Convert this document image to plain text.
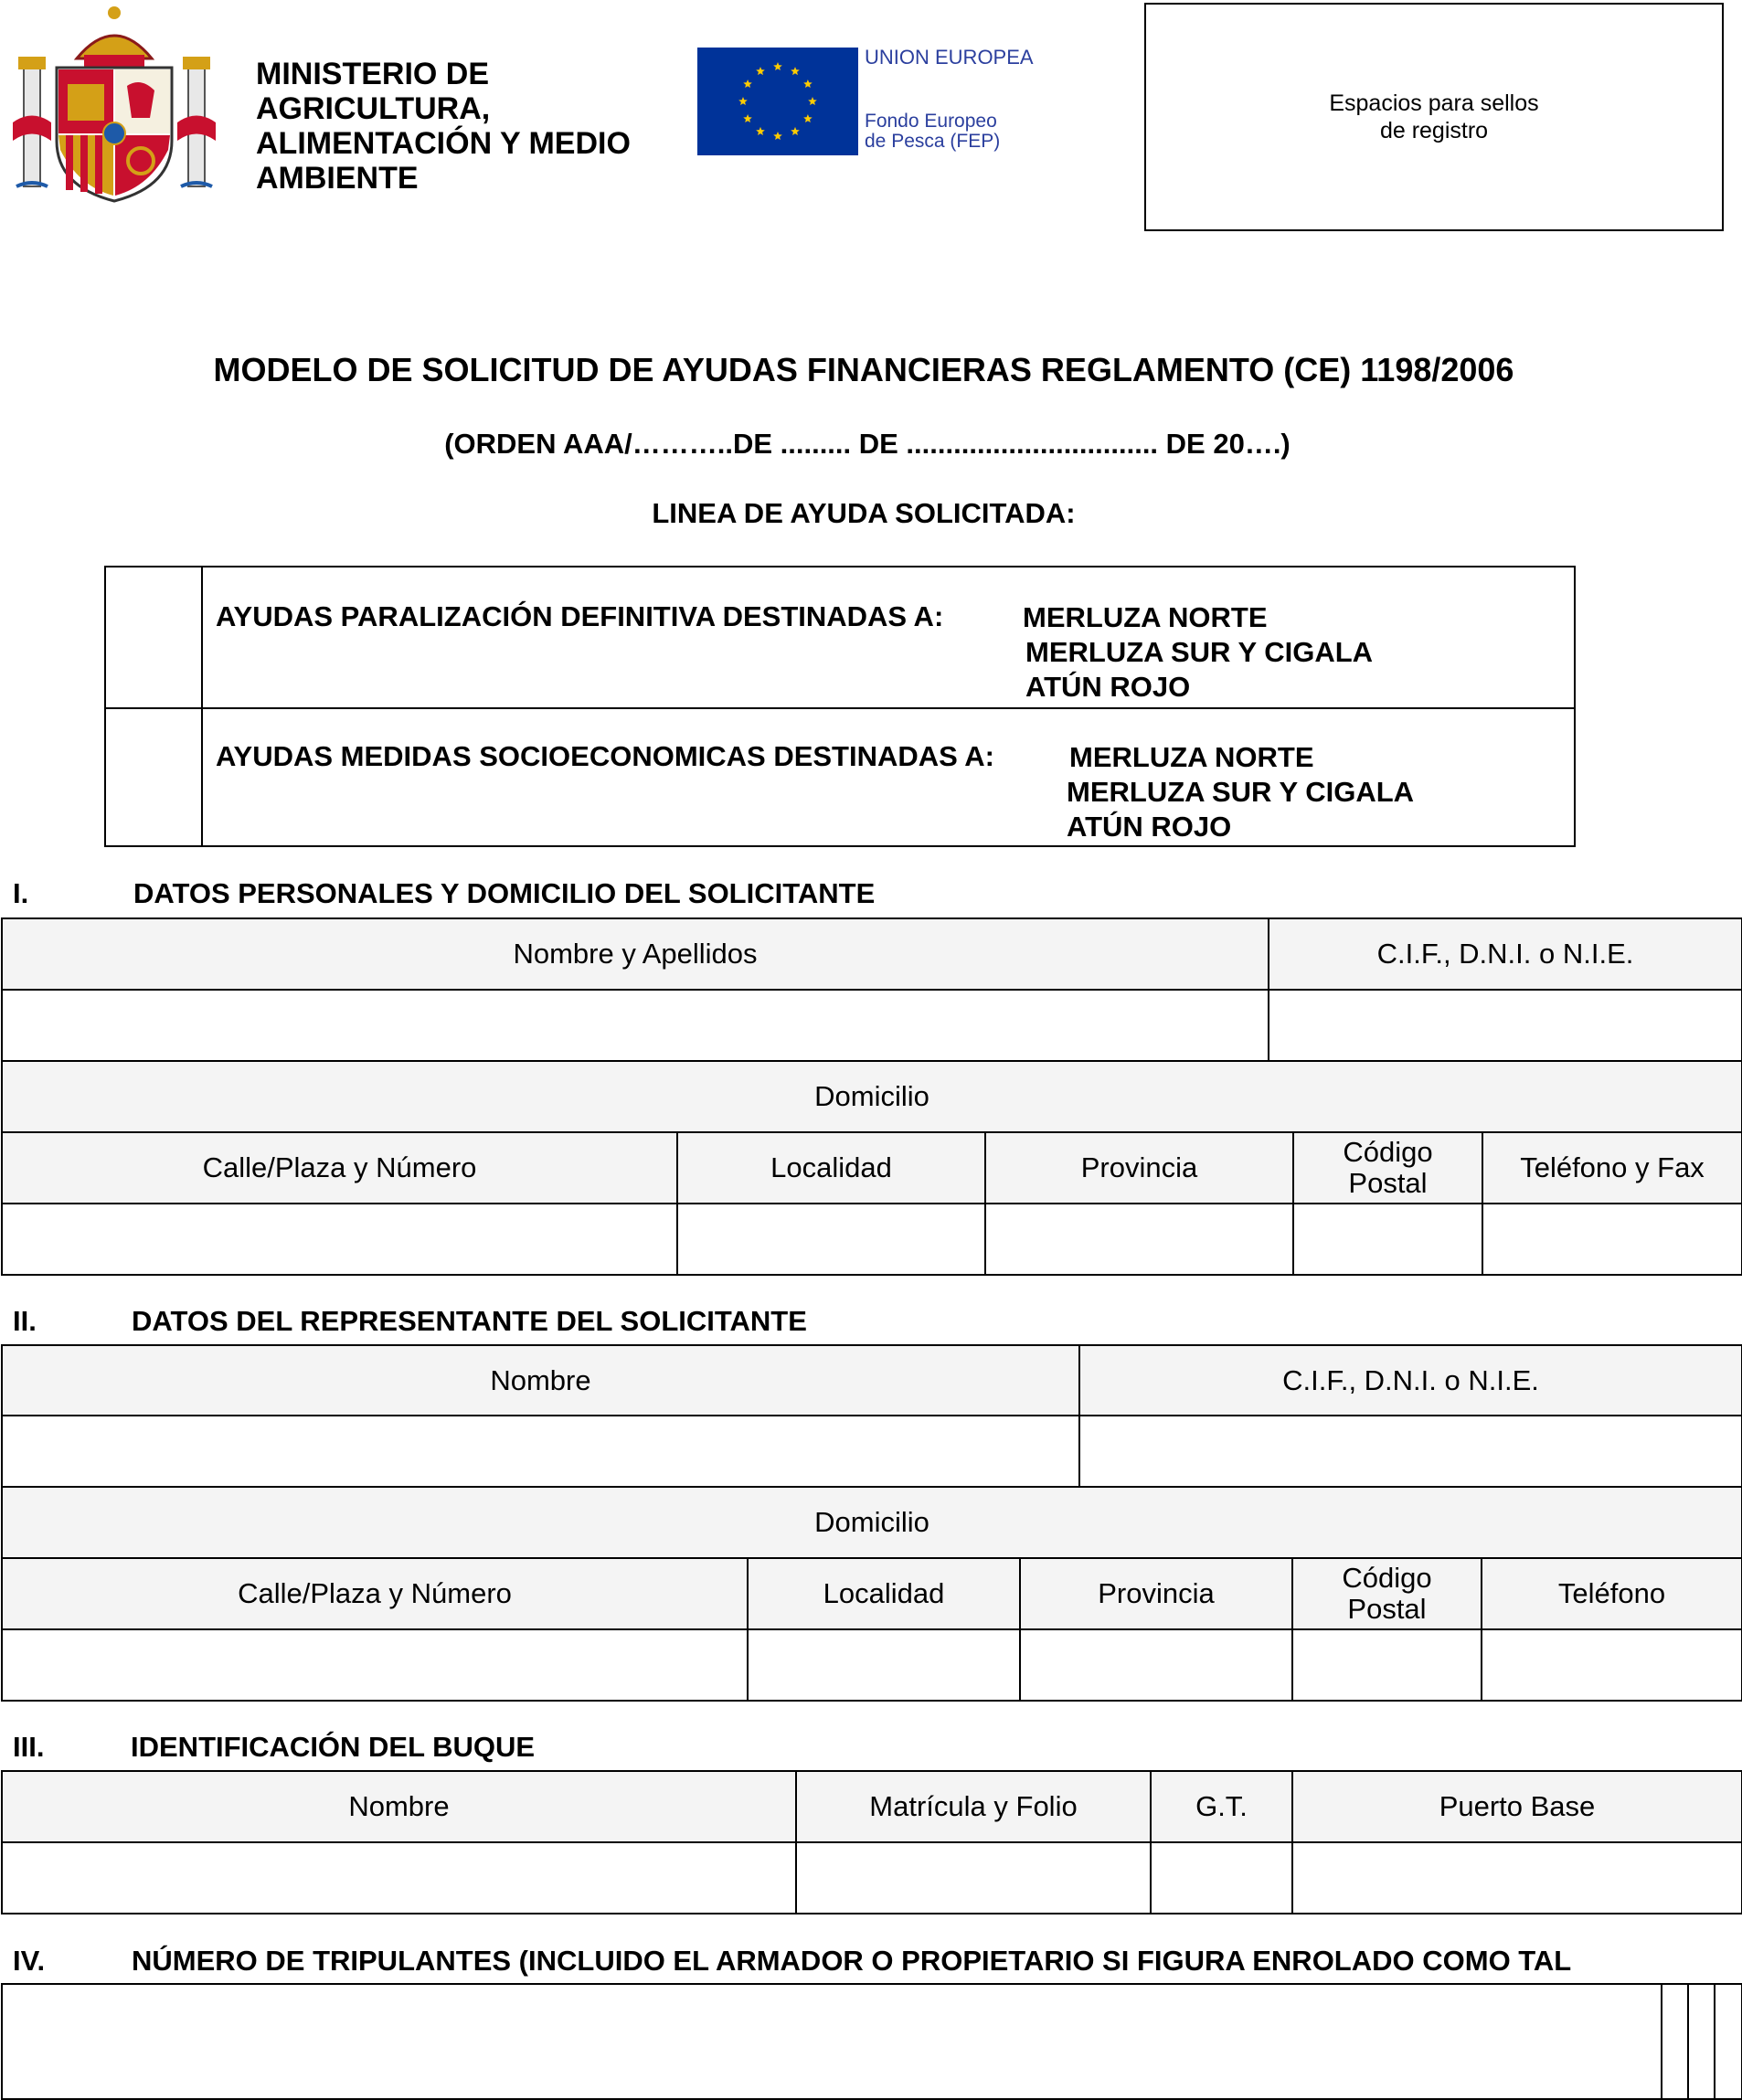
MINISTERIO DE
AGRICULTURA,
ALIMENTACIÓN Y MEDIO
AMBIENTE
UNION EUROPEA
Fondo Europeo
de Pesca (FEP)
Espacios para sellos
de registro
MODELO DE SOLICITUD DE AYUDAS FINANCIERAS REGLAMENTO (CE) 1198/2006
(ORDEN AAA/………..DE ......... DE ................................ DE 20….)
LINEA DE AYUDA SOLICITADA:
AYUDAS PARALIZACIÓN DEFINITIVA DESTINADAS A:	MERLUZA NORTE
MERLUZA SUR Y CIGALA
ATÚN ROJO
AYUDAS MEDIDAS SOCIOECONOMICAS DESTINADAS A:	MERLUZA NORTE
MERLUZA SUR Y CIGALA
ATÚN ROJO
I.	DATOS PERSONALES Y DOMICILIO DEL SOLICITANTE
Nombre y Apellidos	C.I.F., D.N.I. o N.I.E.

Domicilio				
Calle/Plaza y Número	Localidad	Provincia	Código Postal	Teléfono y Fax

II.	DATOS DEL REPRESENTANTE DEL SOLICITANTE
Nombre	C.I.F., D.N.I. o N.I.E.

Domicilio				
Calle/Plaza y Número	Localidad	Provincia	Código Postal	Teléfono

III.	IDENTIFICACIÓN DEL BUQUE
Nombre	Matrícula y Folio	G.T.	Puerto Base

IV.	NÚMERO DE TRIPULANTES (INCLUIDO EL ARMADOR O PROPIETARIO SI FIGURA ENROLADO COMO TAL
